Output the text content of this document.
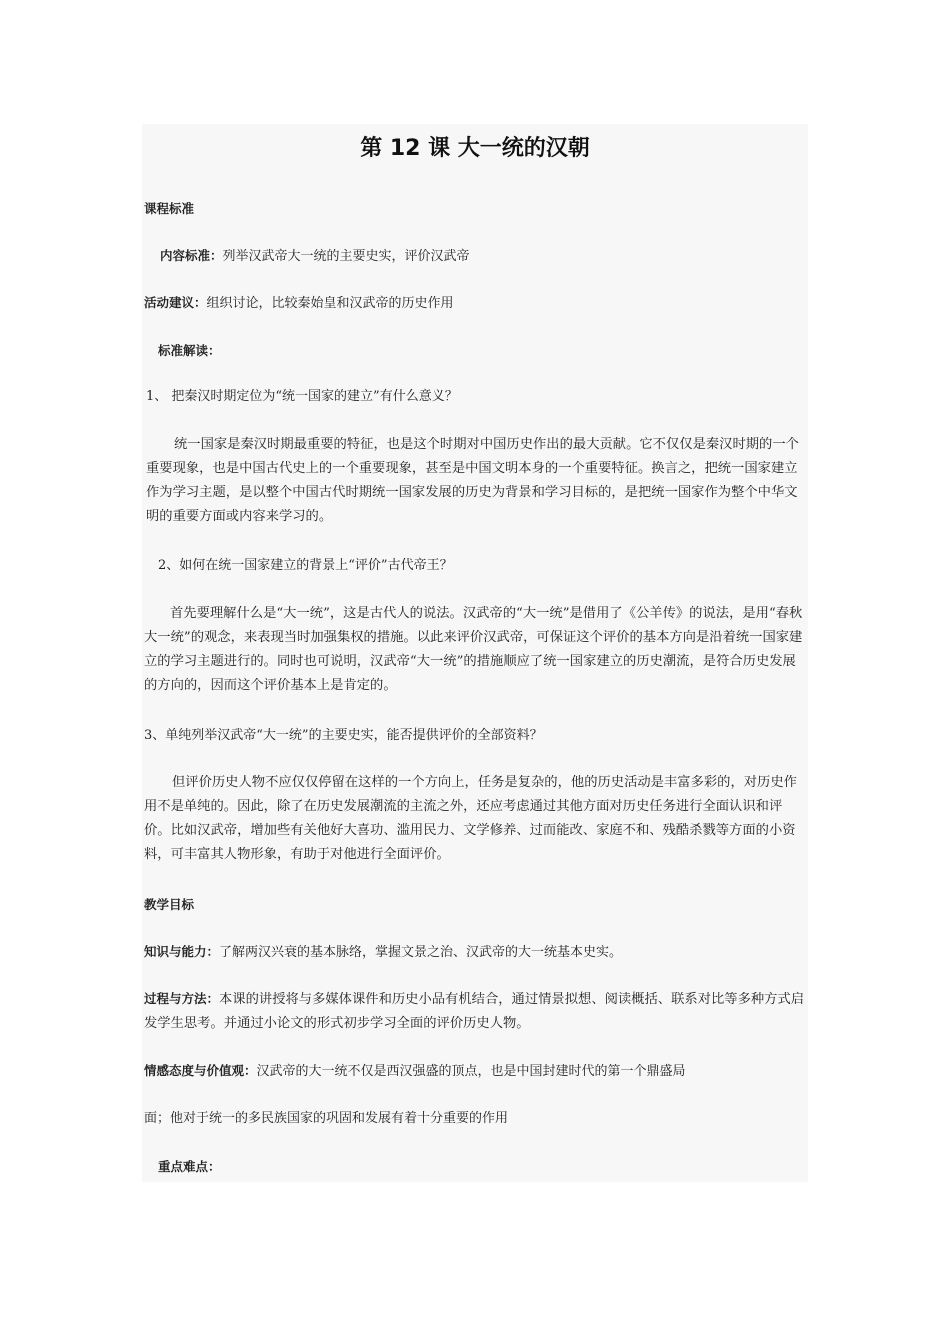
第 12 课 大一统的汉朝
课程标准
内容标准：列举汉武帝大一统的主要史实，评价汉武帝
活动建议：组织讨论，比较秦始皇和汉武帝的历史作用
标准解读：
1、 把秦汉时期定位为“统一国家的建立”有什么意义？
统一国家是秦汉时期最重要的特征，也是这个时期对中国历史作出的最大贡献。它不仅仅是秦汉时期的一个重要现象，也是中国古代史上的一个重要现象，甚至是中国文明本身的一个重要特征。换言之，把统一国家建立作为学习主题，是以整个中国古代时期统一国家发展的历史为背景和学习目标的，是把统一国家作为整个中华文明的重要方面或内容来学习的。
2、如何在统一国家建立的背景上“评价”古代帝王？
首先要理解什么是“大一统”，这是古代人的说法。汉武帝的“大一统”是借用了《公羊传》的说法，是用“春秋大一统”的观念，来表现当时加强集权的措施。以此来评价汉武帝，可保证这个评价的基本方向是沿着统一国家建立的学习主题进行的。同时也可说明，汉武帝“大一统”的措施顺应了统一国家建立的历史潮流，是符合历史发展的方向的，因而这个评价基本上是肯定的。
3、单纯列举汉武帝“大一统”的主要史实，能否提供评价的全部资料？
但评价历史人物不应仅仅停留在这样的一个方向上，任务是复杂的，他的历史活动是丰富多彩的，对历史作用不是单纯的。因此，除了在历史发展潮流的主流之外，还应考虑通过其他方面对历史任务进行全面认识和评价。比如汉武帝，增加些有关他好大喜功、滥用民力、文学修养、过而能改、家庭不和、残酷杀戮等方面的小资料，可丰富其人物形象，有助于对他进行全面评价。
教学目标
知识与能力：了解两汉兴衰的基本脉络，掌握文景之治、汉武帝的大一统基本史实。
过程与方法：本课的讲授将与多媒体课件和历史小品有机结合，通过情景拟想、阅读概括、联系对比等多种方式启发学生思考。并通过小论文的形式初步学习全面的评价历史人物。
情感态度与价值观：汉武帝的大一统不仅是西汉强盛的顶点，也是中国封建时代的第一个鼎盛局
面；他对于统一的多民族国家的巩固和发展有着十分重要的作用
重点难点：
